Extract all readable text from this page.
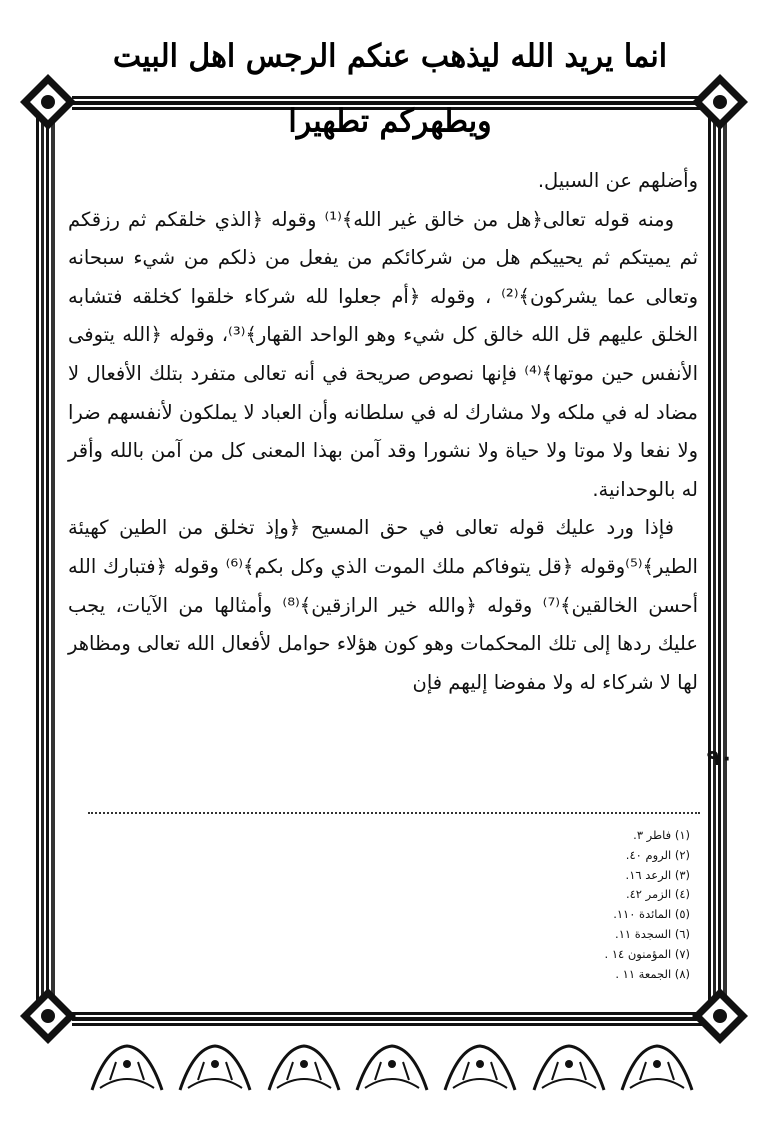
انما يريد الله ليذهب عنكم الرجس اهل البيت ويطهركم تطهيرا

وأضلهم عن السبيل.

ومنه قوله تعالى﴿هل من خالق غير الله﴾⁽¹⁾ وقوله ﴿الذي خلقكم ثم رزقكم ثم يميتكم ثم يحييكم هل من شركائكم من يفعل من ذلكم من شيء سبحانه وتعالى عما يشركون﴾⁽²⁾ ، وقوله ﴿أم جعلوا لله شركاء خلقوا كخلقه فتشابه الخلق عليهم قل الله خالق كل شيء وهو الواحد القهار﴾⁽³⁾، وقوله ﴿الله يتوفى الأنفس حين موتها﴾⁽⁴⁾ فإنها نصوص صريحة في أنه تعالى متفرد بتلك الأفعال لا مضاد له في ملكه ولا مشارك له في سلطانه وأن العباد لا يملكون لأنفسهم ضرا ولا نفعا ولا موتا ولا حياة ولا نشورا وقد آمن بهذا المعنى كل من آمن بالله وأقر له بالوحدانية.

فإذا ورد عليك قوله تعالى في حق المسيح ﴿وإذ تخلق من الطين كهيئة الطير﴾⁽⁵⁾وقوله ﴿قل يتوفاكم ملك الموت الذي وكل بكم﴾⁽⁶⁾ وقوله ﴿فتبارك الله أحسن الخالقين﴾⁽⁷⁾ وقوله ﴿والله خير الرازقين﴾⁽⁸⁾ وأمثالها من الآيات، يجب عليك ردها إلى تلك المحكمات وهو كون هؤلاء حوامل لأفعال الله تعالى ومظاهر لها لا شركاء له ولا مفوضا إليهم فإن

٩٠
(١) فاطر ٣.
(٢) الروم ٤٠.
(٣) الرعد ١٦.
(٤) الزمر ٤٢.
(٥) المائدة ١١٠.
(٦) السجدة ١١.
(٧) المؤمنون ١٤ .
(٨) الجمعة ١١ .
